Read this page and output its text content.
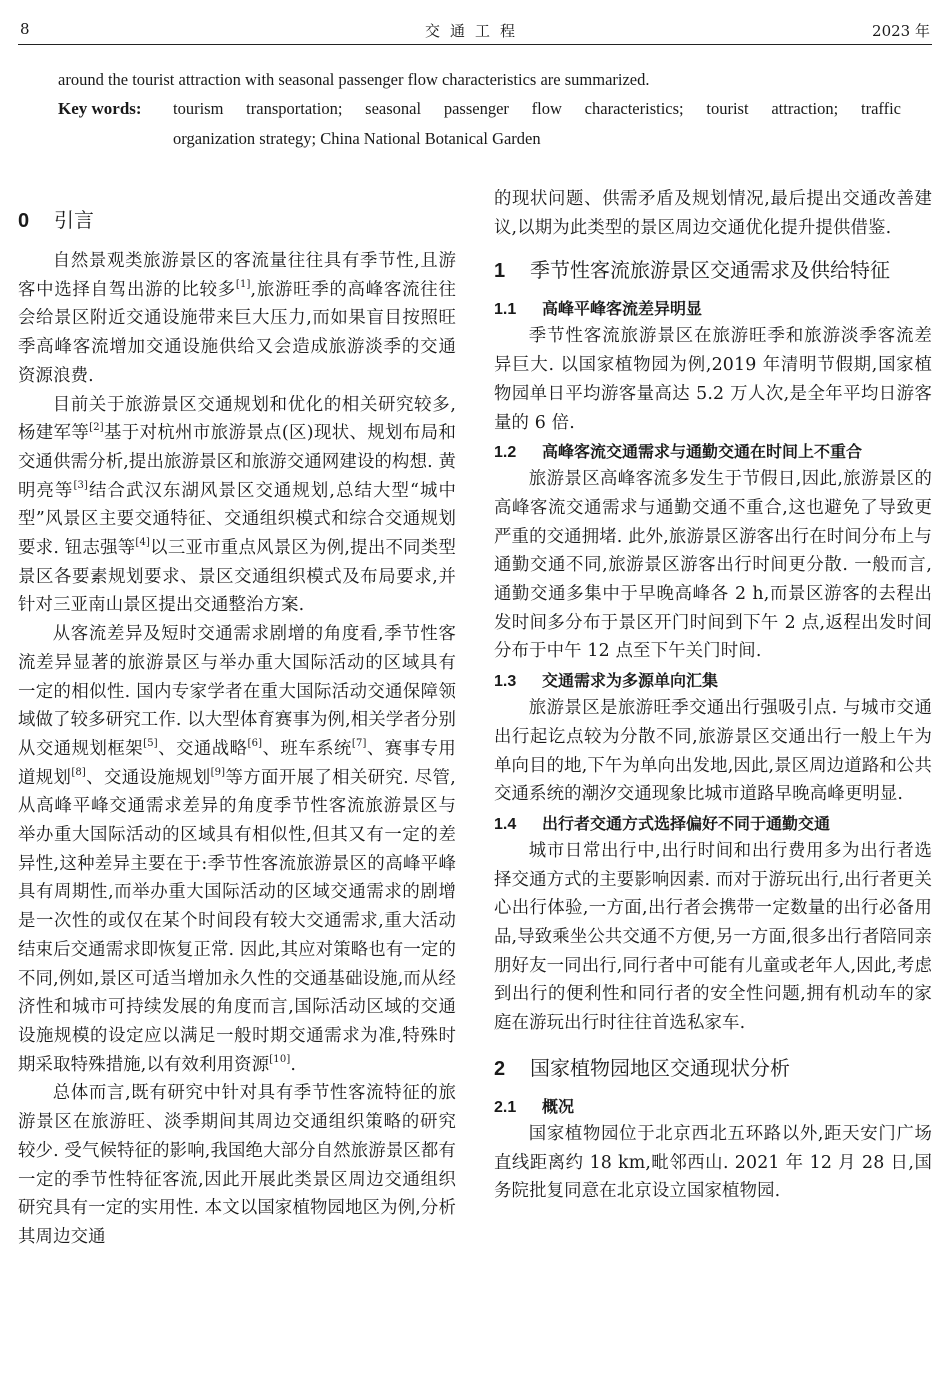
8	交通工程	2023 年
around the tourist attraction with seasonal passenger flow characteristics are summarized.
Key words: tourism transportation; seasonal passenger flow characteristics; tourist attraction; traffic
organization strategy; China National Botanical Garden
0 引言

自然景观类旅游景区的客流量往往具有季节性,且游客中选择自驾出游的比较多[1],旅游旺季的高峰客流往往会给景区附近交通设施带来巨大压力,而如果盲目按照旺季高峰客流增加交通设施供给又会造成旅游淡季的交通资源浪费.

目前关于旅游景区交通规划和优化的相关研究较多,杨建军等[2]基于对杭州市旅游景点(区)现状、规划布局和交通供需分析,提出旅游景区和旅游交通网建设的构想. 黄明亮等[3]结合武汉东湖风景区交通规划,总结大型“城中型”风景区主要交通特征、交通组织模式和综合交通规划要求. 钮志强等[4]以三亚市重点风景区为例,提出不同类型景区各要素规划要求、景区交通组织模式及布局要求,并针对三亚南山景区提出交通整治方案.

从客流差异及短时交通需求剧增的角度看,季节性客流差异显著的旅游景区与举办重大国际活动的区域具有一定的相似性. 国内专家学者在重大国际活动交通保障领域做了较多研究工作. 以大型体育赛事为例,相关学者分别从交通规划框架[5]、交通战略[6]、班车系统[7]、赛事专用道规划[8]、交通设施规划[9]等方面开展了相关研究. 尽管,从高峰平峰交通需求差异的角度季节性客流旅游景区与举办重大国际活动的区域具有相似性,但其又有一定的差异性,这种差异主要在于:季节性客流旅游景区的高峰平峰具有周期性,而举办重大国际活动的区域交通需求的剧增是一次性的或仅在某个时间段有较大交通需求,重大活动结束后交通需求即恢复正常. 因此,其应对策略也有一定的不同,例如,景区可适当增加永久性的交通基础设施,而从经济性和城市可持续发展的角度而言,国际活动区域的交通设施规模的设定应以满足一般时期交通需求为准,特殊时期采取特殊措施,以有效利用资源[10].

总体而言,既有研究中针对具有季节性客流特征的旅游景区在旅游旺、淡季期间其周边交通组织策略的研究较少. 受气候特征的影响,我国绝大部分自然旅游景区都有一定的季节性特征客流,因此开展此类景区周边交通组织研究具有一定的实用性. 本文以国家植物园地区为例,分析其周边交通

的现状问题、供需矛盾及规划情况,最后提出交通改善建议,以期为此类型的景区周边交通优化提升提供借鉴.

1 季节性客流旅游景区交通需求及供给特征
1.1 高峰平峰客流差异明显

季节性客流旅游景区在旅游旺季和旅游淡季客流差异巨大. 以国家植物园为例,2019 年清明节假期,国家植物园单日平均游客量高达 5.2 万人次,是全年平均日游客量的 6 倍.

1.2 高峰客流交通需求与通勤交通在时间上不重合

旅游景区高峰客流多发生于节假日,因此,旅游景区的高峰客流交通需求与通勤交通不重合,这也避免了导致更严重的交通拥堵. 此外,旅游景区游客出行在时间分布上与通勤交通不同,旅游景区游客出行时间更分散. 一般而言,通勤交通多集中于早晚高峰各 2 h,而景区游客的去程出发时间多分布于景区开门时间到下午 2 点,返程出发时间分布于中午 12 点至下午关门时间.

1.3 交通需求为多源单向汇集

旅游景区是旅游旺季交通出行强吸引点. 与城市交通出行起讫点较为分散不同,旅游景区交通出行一般上午为单向目的地,下午为单向出发地,因此,景区周边道路和公共交通系统的潮汐交通现象比城市道路早晚高峰更明显.

1.4 出行者交通方式选择偏好不同于通勤交通

城市日常出行中,出行时间和出行费用多为出行者选择交通方式的主要影响因素. 而对于游玩出行,出行者更关心出行体验,一方面,出行者会携带一定数量的出行必备用品,导致乘坐公共交通不方便,另一方面,很多出行者陪同亲朋好友一同出行,同行者中可能有儿童或老年人,因此,考虑到出行的便利性和同行者的安全性问题,拥有机动车的家庭在游玩出行时往往首选私家车.

2 国家植物园地区交通现状分析
2.1 概况

国家植物园位于北京西北五环路以外,距天安门广场直线距离约 18 km,毗邻西山. 2021 年 12 月 28 日,国务院批复同意在北京设立国家植物园.
